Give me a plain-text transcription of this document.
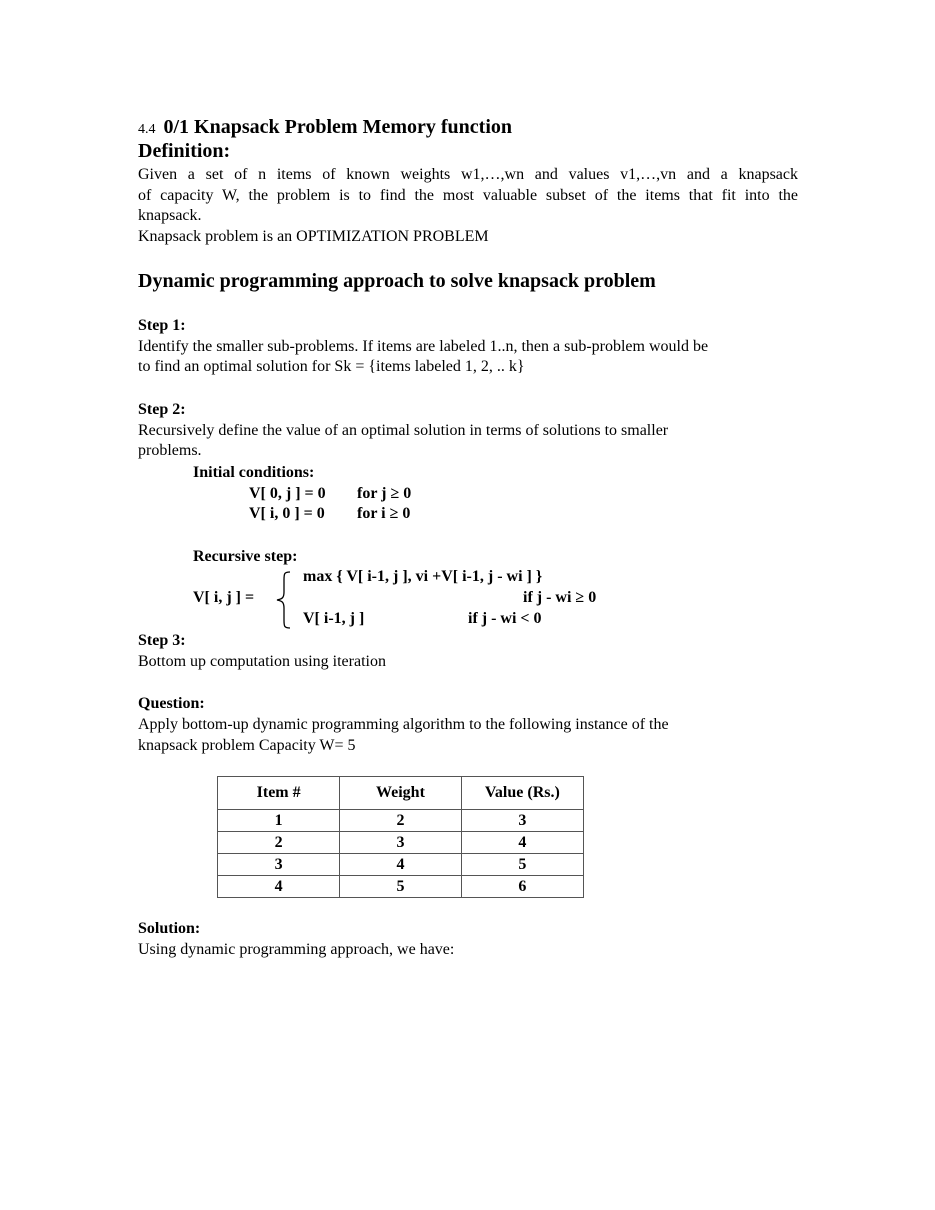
4.4 0/1 Knapsack Problem Memory function
Definition:
Given a set of n items of known weights w1,…,wn and values v1,…,vn and a knapsack
of capacity W, the problem is to find the most valuable subset of the items that fit into the
knapsack.
Knapsack problem is an OPTIMIZATION PROBLEM
Dynamic programming approach to solve knapsack problem
Step 1:
Identify the smaller sub-problems. If items are labeled 1..n, then a sub-problem would be
to find an optimal solution for Sk = {items labeled 1, 2, .. k}
Step 2:
Recursively define the value of an optimal solution in terms of solutions to smaller
problems.
Initial conditions:
V[ 0, j ] = 0 for j ≥ 0
V[ i, 0 ] = 0 for i ≥ 0
Recursive step:
V[ i, j ] =
max { V[ i-1, j ], vi +V[ i-1, j - wi ] }
if j - wi ≥ 0
V[ i-1, j ]	if j - wi < 0
Step 3:
Bottom up computation using iteration
Question:
Apply bottom-up dynamic programming algorithm to the following instance of the
knapsack problem Capacity W= 5
Item #	Weight	Value (Rs.)
1	2	3
2	3	4
3	4	5
4	5	6
Solution:
Using dynamic programming approach, we have:
